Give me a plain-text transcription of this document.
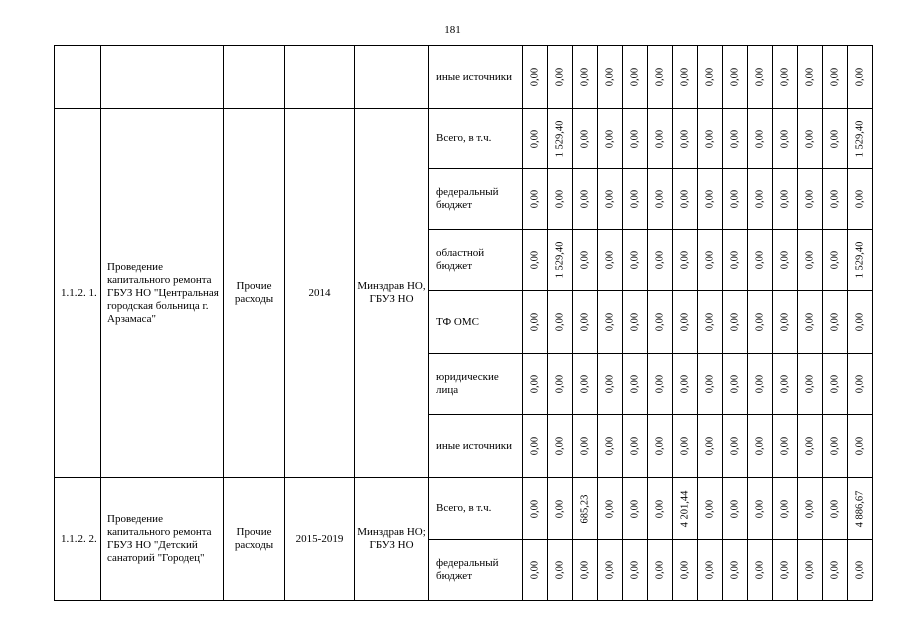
181
					иные источники	0,00	0,00	0,00	0,00	0,00	0,00	0,00	0,00	0,00	0,00	0,00	0,00	0,00	0,00

1.1.2. 1.	Проведение капитального ремонта ГБУЗ НО "Центральная городская больница г. Арзамаса"	Прочие расходы	2014	Минздрав НО, ГБУЗ НО	Всего, в т.ч.	0,00	1 529,40	0,00	0,00	0,00	0,00	0,00	0,00	0,00	0,00	0,00	0,00	0,00	1 529,40

					федеральный бюджет	0,00	0,00	0,00	0,00	0,00	0,00	0,00	0,00	0,00	0,00	0,00	0,00	0,00	0,00

					областной бюджет	0,00	1 529,40	0,00	0,00	0,00	0,00	0,00	0,00	0,00	0,00	0,00	0,00	0,00	1 529,40

					ТФ ОМС	0,00	0,00	0,00	0,00	0,00	0,00	0,00	0,00	0,00	0,00	0,00	0,00	0,00	0,00

					юридические лица	0,00	0,00	0,00	0,00	0,00	0,00	0,00	0,00	0,00	0,00	0,00	0,00	0,00	0,00

					иные источники	0,00	0,00	0,00	0,00	0,00	0,00	0,00	0,00	0,00	0,00	0,00	0,00	0,00	0,00

1.1.2. 2.	Проведение капитального ремонта ГБУЗ НО "Детский санаторий "Городец"	Прочие расходы	2015-2019	Минздрав НО; ГБУЗ НО	Всего, в т.ч.	0,00	0,00	685,23	0,00	0,00	0,00	4 201,44	0,00	0,00	0,00	0,00	0,00	0,00	4 886,67

					федеральный бюджет	0,00	0,00	0,00	0,00	0,00	0,00	0,00	0,00	0,00	0,00	0,00	0,00	0,00	0,00
